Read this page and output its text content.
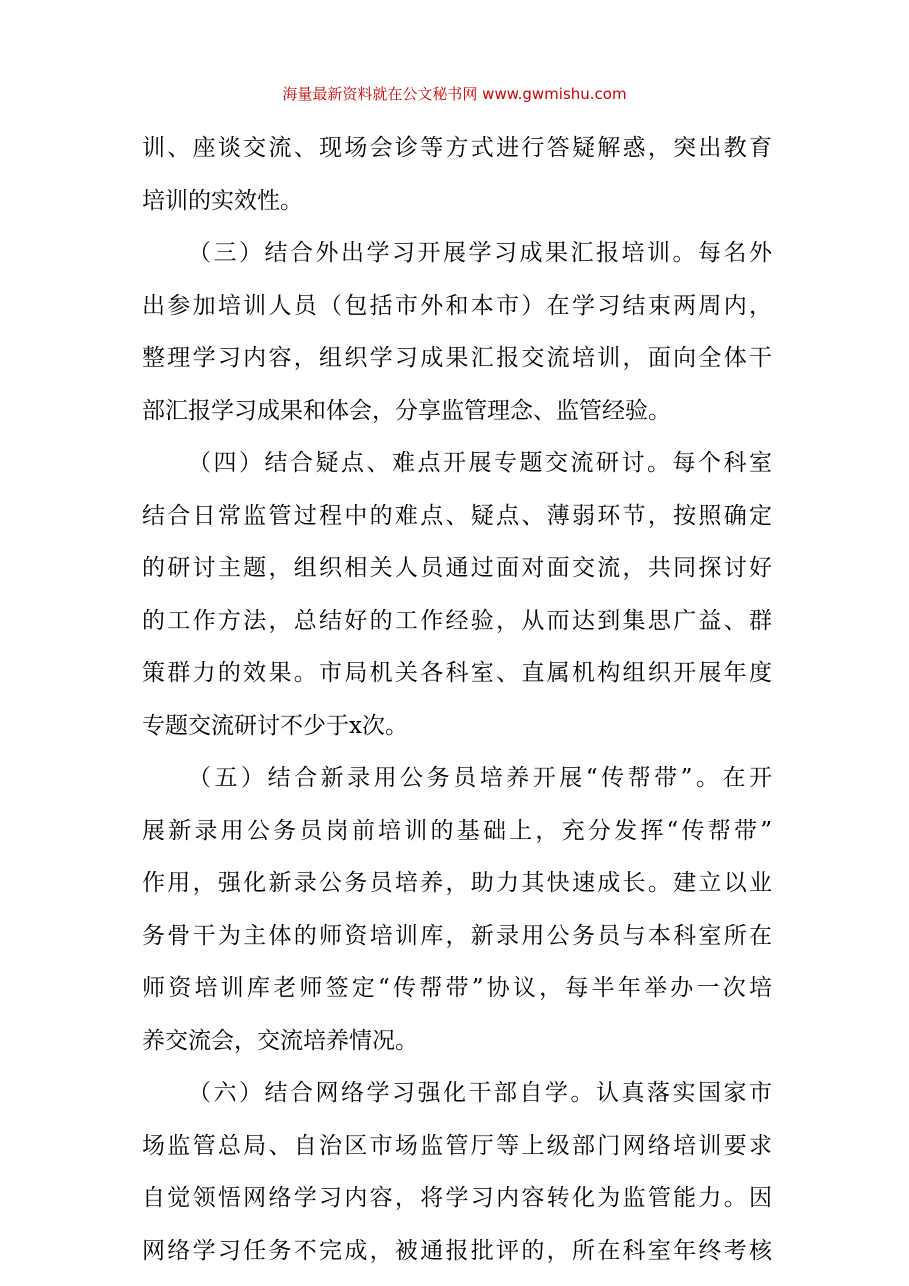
海量最新资料就在公文秘书网 www.gwmishu.com
训、座谈交流、现场会诊等方式进行答疑解惑，突出教育
培训的实效性。
（三）结合外出学习开展学习成果汇报培训。每名外
出参加培训人员（包括市外和本市）在学习结束两周内，
整理学习内容，组织学习成果汇报交流培训，面向全体干
部汇报学习成果和体会，分享监管理念、监管经验。
（四）结合疑点、难点开展专题交流研讨。每个科室
结合日常监管过程中的难点、疑点、薄弱环节，按照确定
的研讨主题，组织相关人员通过面对面交流，共同探讨好
的工作方法，总结好的工作经验，从而达到集思广益、群
策群力的效果。市局机关各科室、直属机构组织开展年度
专题交流研讨不少于x次。
（五）结合新录用公务员培养开展“传帮带”。在开
展新录用公务员岗前培训的基础上，充分发挥“传帮带”
作用，强化新录公务员培养，助力其快速成长。建立以业
务骨干为主体的师资培训库，新录用公务员与本科室所在
师资培训库老师签定“传帮带”协议，每半年举办一次培
养交流会，交流培养情况。
（六）结合网络学习强化干部自学。认真落实国家市
场监管总局、自治区市场监管厅等上级部门网络培训要求
自觉领悟网络学习内容，将学习内容转化为监管能力。因
网络学习任务不完成，被通报批评的，所在科室年终考核
